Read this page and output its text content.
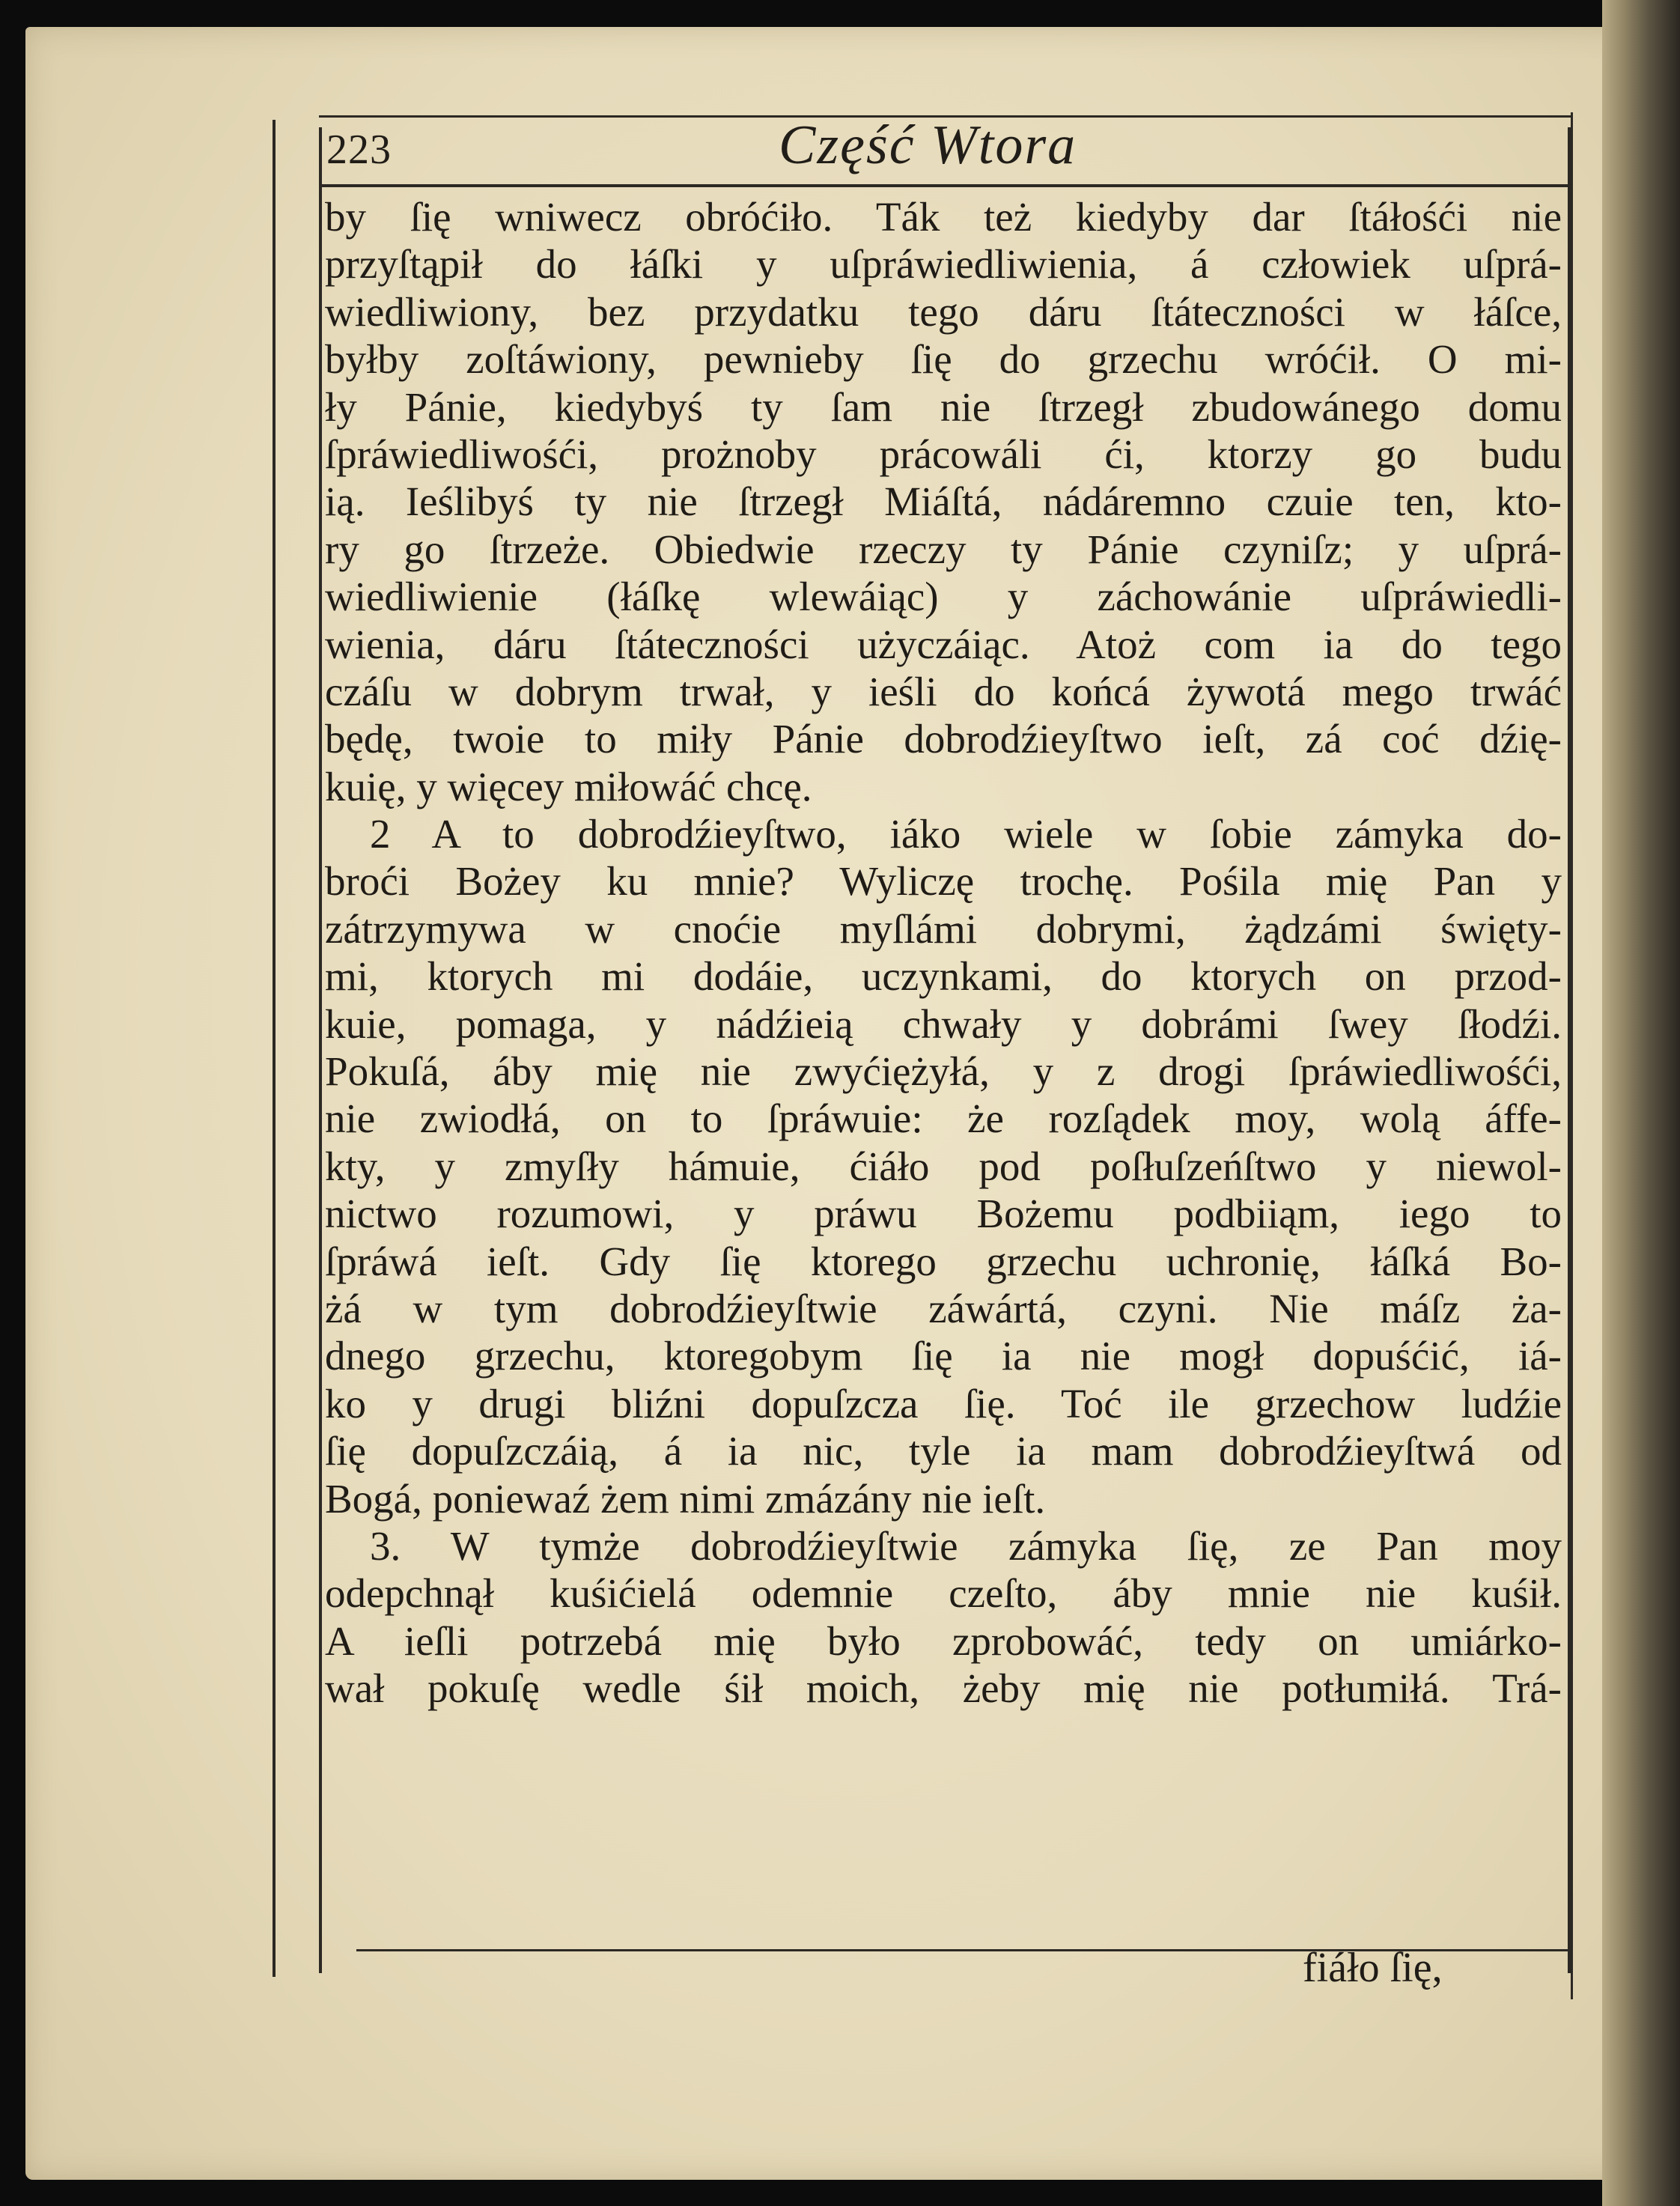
223	Część Wtora
by ſię wniwecz obróćiło. Ták też kiedyby dar ſtáłośći nie
przyſtąpił do łáſki y uſpráwiedliwienia, á człowiek uſprá-
wiedliwiony, bez przydatku tego dáru ſtáteczności w łáſce,
byłby zoſtáwiony, pewnieby ſię do grzechu wróćił. O mi-
ły Pánie, kiedybyś ty ſam nie ſtrzegł zbudowánego domu
ſpráwiedliwośći, prożnoby prácowáli ći, ktorzy go budu
ią. Ieślibyś ty nie ſtrzegł Miáſtá, nádáremno czuie ten, kto-
ry go ſtrzeże. Obiedwie rzeczy ty Pánie czyniſz; y uſprá-
wiedliwienie (łáſkę wlewáiąc) y záchowánie uſpráwiedli-
wienia, dáru ſtáteczności użyczáiąc. Atoż com ia do tego
czáſu w dobrym trwał, y ieśli do końcá żywotá mego trwáć
będę, twoie to miły Pánie dobrodźieyſtwo ieſt, zá coć dźię-
kuię, y więcey miłowáć chcę.
2 A to dobrodźieyſtwo, iáko wiele w ſobie zámyka do-
broći Bożey ku mnie? Wyliczę trochę. Pośila mię Pan y
zátrzymywa w cnoćie myſlámi dobrymi, żądzámi święty-
mi, ktorych mi dodáie, uczynkami, do ktorych on przod-
kuie, pomaga, y nádźieią chwały y dobrámi ſwey ſłodźi.
Pokuſá, áby mię nie zwyćiężyłá, y z drogi ſpráwiedliwośći,
nie zwiodłá, on to ſpráwuie: że rozſądek moy, wolą áffe-
kty, y zmyſły hámuie, ćiáło pod poſłuſzeńſtwo y niewol-
nictwo rozumowi, y práwu Bożemu podbiiąm, iego to
ſpráwá ieſt. Gdy ſię ktorego grzechu uchronię, łáſká Bo-
żá w tym dobrodźieyſtwie záwártá, czyni. Nie máſz ża-
dnego grzechu, ktoregobym ſię ia nie mogł dopuśćić, iá-
ko y drugi bliźni dopuſzcza ſię. Toć ile grzechow ludźie
ſię dopuſzczáią, á ia nic, tyle ia mam dobrodźieyſtwá od
Bogá, poniewaź żem nimi zmázány nie ieſt.
3. W tymże dobrodźieyſtwie zámyka ſię, ze Pan moy
odepchnął kuśićielá odemnie czeſto, áby mnie nie kuśił.
A ieſli potrzebá mię było zprobowáć, tedy on umiárko-
wał pokuſę wedle śił moich, żeby mię nie potłumiłá. Trá-
fiáło ſię,
